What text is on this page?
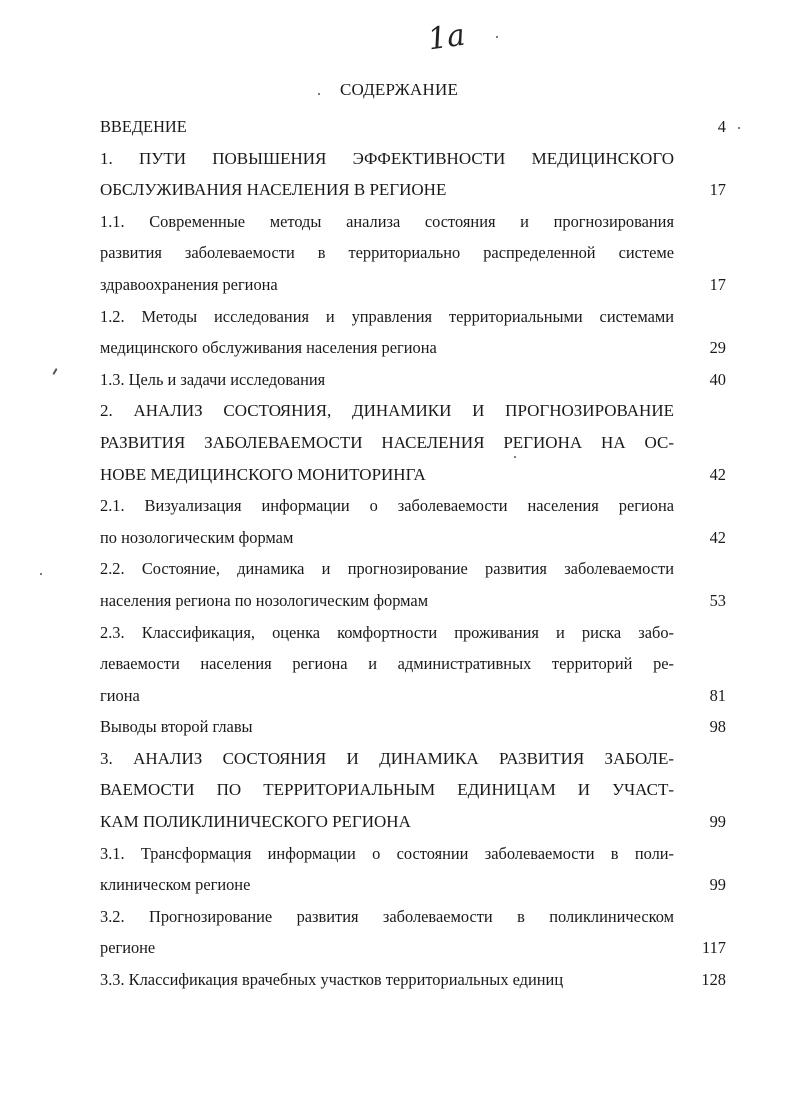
1а
СОДЕРЖАНИЕ
ВВЕДЕНИЕ	4
1. ПУТИ ПОВЫШЕНИЯ ЭФФЕКТИВНОСТИ МЕДИЦИНСКОГО
ОБСЛУЖИВАНИЯ НАСЕЛЕНИЯ В РЕГИОНЕ	17
1.1. Современные методы анализа состояния и прогнозирования
развития заболеваемости в территориально распределенной системе
здравоохранения региона	17
1.2. Методы исследования и управления территориальными системами
медицинского обслуживания населения региона	29
1.3. Цель и задачи исследования	40
2. АНАЛИЗ СОСТОЯНИЯ, ДИНАМИКИ И ПРОГНОЗИРОВАНИЕ
РАЗВИТИЯ ЗАБОЛЕВАЕМОСТИ НАСЕЛЕНИЯ РЕГИОНА НА ОС-
НОВЕ МЕДИЦИНСКОГО МОНИТОРИНГА	42
2.1. Визуализация информации о заболеваемости населения региона
по нозологическим формам	42
2.2. Состояние, динамика и прогнозирование развития заболеваемости
населения региона по нозологическим формам	53
2.3. Классификация, оценка комфортности проживания и риска забо-
леваемости населения региона и административных территорий ре-
гиона	81
Выводы второй главы	98
3. АНАЛИЗ СОСТОЯНИЯ И ДИНАМИКА РАЗВИТИЯ ЗАБОЛЕ-
ВАЕМОСТИ ПО ТЕРРИТОРИАЛЬНЫМ ЕДИНИЦАМ И УЧАСТ-
КАМ ПОЛИКЛИНИЧЕСКОГО РЕГИОНА	99
3.1. Трансформация информации о состоянии заболеваемости в поли-
клиническом регионе	99
3.2. Прогнозирование развития заболеваемости в поликлиническом
регионе	117
3.3. Классификация врачебных участков территориальных единиц	128
